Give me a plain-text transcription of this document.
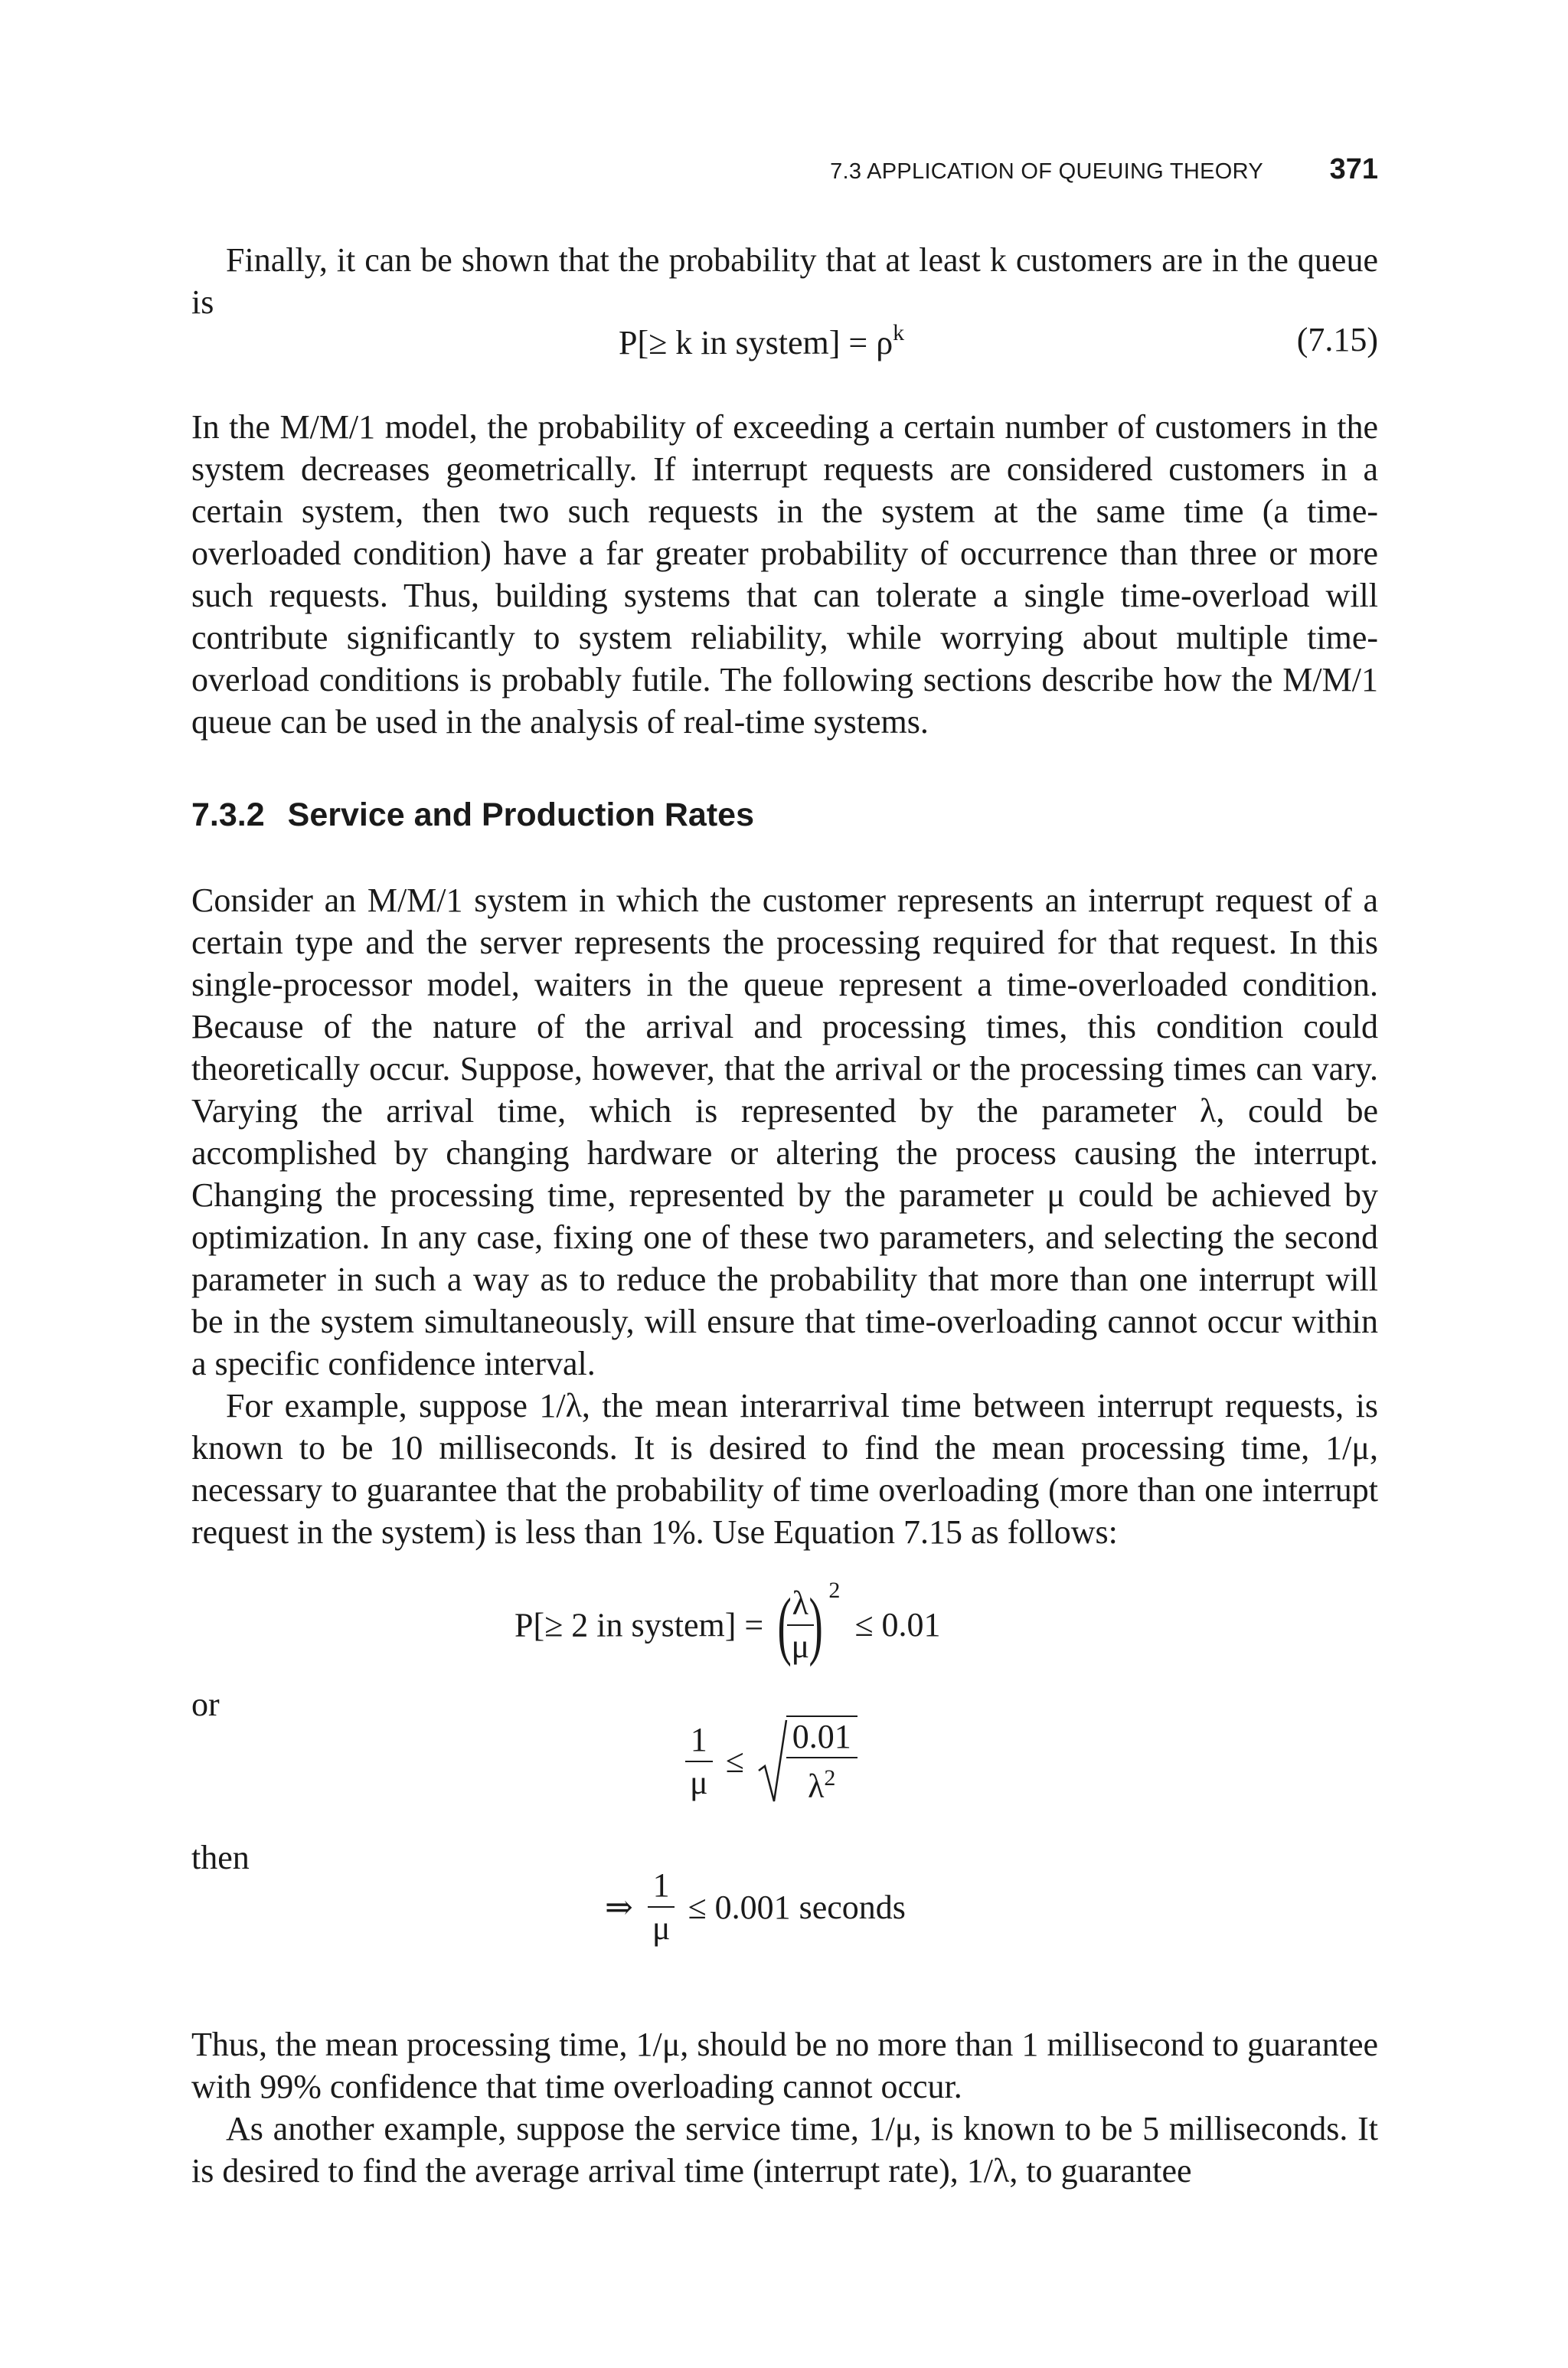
7.3 APPLICATION OF QUEUING THEORY 371

Finally, it can be shown that the probability that at least k customers are in the queue is

P[≥ k in system] = $\rho^k$	(7.15)

In the M/M/1 model, the probability of exceeding a certain number of customers in the system decreases geometrically. If interrupt requests are considered customers in a certain system, then two such requests in the system at the same time (a time-overloaded condition) have a far greater probability of occurrence than three or more such requests. Thus, building systems that can tolerate a single time-overload will contribute significantly to system reliability, while worrying about multiple time-overload conditions is probably futile. The following sections describe how the M/M/1 queue can be used in the analysis of real-time systems.

7.3.2 Service and Production Rates

Consider an M/M/1 system in which the customer represents an interrupt request of a certain type and the server represents the processing required for that request. In this single-processor model, waiters in the queue represent a time-overloaded condition. Because of the nature of the arrival and processing times, this condition could theoretically occur. Suppose, however, that the arrival or the processing times can vary. Varying the arrival time, which is represented by the parameter λ, could be accomplished by changing hardware or altering the process causing the interrupt. Changing the processing time, represented by the parameter μ could be achieved by optimization. In any case, fixing one of these two parameters, and selecting the second parameter in such a way as to reduce the probability that more than one interrupt will be in the system simultaneously, will ensure that time-overloading cannot occur within a specific confidence interval.

For example, suppose 1/λ, the mean interarrival time between interrupt requests, is known to be 10 milliseconds. It is desired to find the mean processing time, 1/μ, necessary to guarantee that the probability of time overloading (more than one interrupt request in the system) is less than 1%. Use Equation 7.15 as follows:

P[≥ 2 in system] = (
$\frac{\lambda}{\mu}$
) $^2$ ≤ 0.01
or
$\frac{1}{\mu} \le \frac{0.01}{\lambda^2}$
then
⇒ $\frac{1}{\mu} \le 0.001$ seconds

Thus, the mean processing time, 1/μ, should be no more than 1 millisecond to guarantee with 99% confidence that time overloading cannot occur.

As another example, suppose the service time, 1/μ, is known to be 5 milliseconds. It is desired to find the average arrival time (interrupt rate), 1/λ, to guarantee
